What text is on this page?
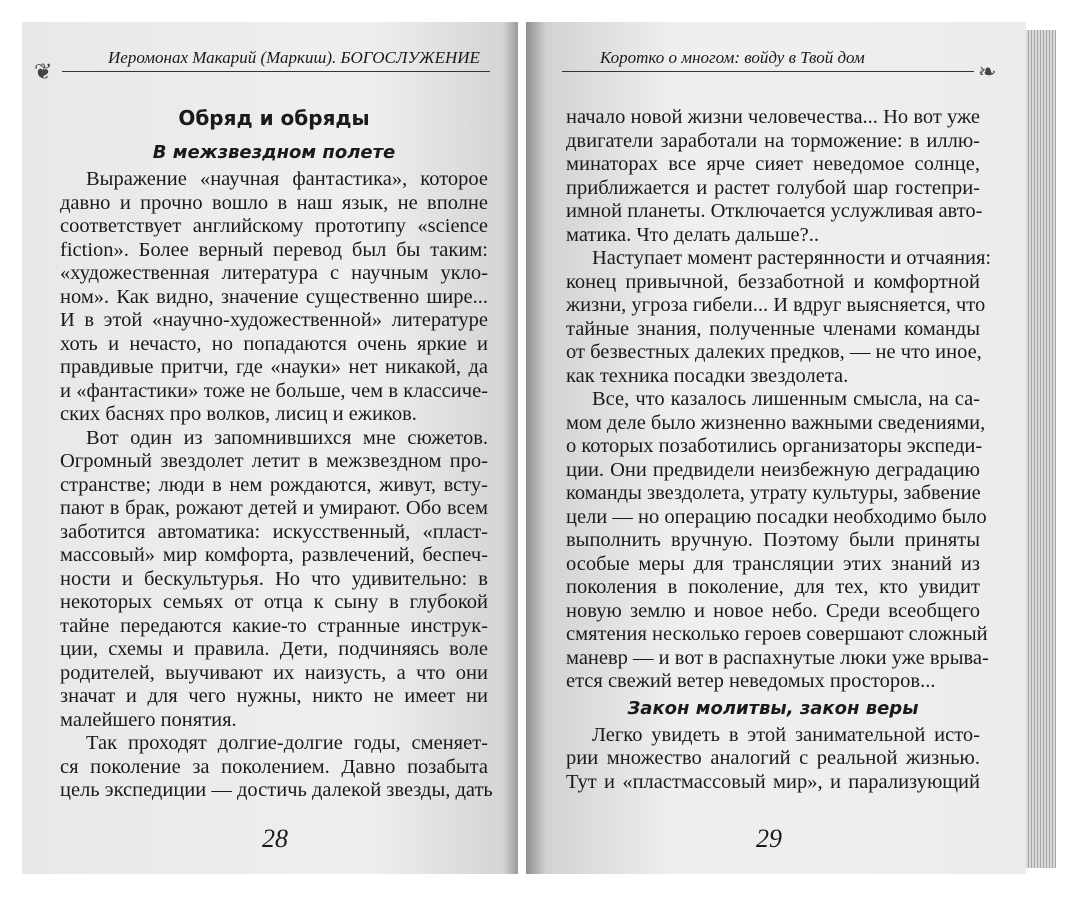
❦
Иеромонах Макарий (Маркиш). БОГОСЛУЖЕНИЕ	Коротко о многом: войду в Твой дом
❧
Обряд и обряды
В межзвездном полете
Выражение «научная фантастика», которое
давно и прочно вошло в наш язык, не вполне
соответствует английскому прототипу «science
fiction». Более верный перевод был бы таким:
«художественная литература с научным укло-
ном». Как видно, значение существенно шире...
И в этой «научно-художественной» литературе
хоть и нечасто, но попадаются очень яркие и
правдивые притчи, где «науки» нет никакой, да
и «фантастики» тоже не больше, чем в классиче-
ских баснях про волков, лисиц и ежиков.
Вот один из запомнившихся мне сюжетов.
Огромный звездолет летит в межзвездном про-
странстве; люди в нем рождаются, живут, всту-
пают в брак, рожают детей и умирают. Обо всем
заботится автоматика: искусственный, «пласт-
массовый» мир комфорта, развлечений, беспеч-
ности и бескультурья. Но что удивительно: в
некоторых семьях от отца к сыну в глубокой
тайне передаются какие-то странные инструк-
ции, схемы и правила. Дети, подчиняясь воле
родителей, выучивают их наизусть, а что они
значат и для чего нужны, никто не имеет ни
малейшего понятия.
Так проходят долгие-долгие годы, сменяет-
ся поколение за поколением. Давно позабыта
цель экспедиции — достичь далекой звезды, дать
28
начало новой жизни человечества... Но вот уже
двигатели заработали на торможение: в иллю-
минаторах все ярче сияет неведомое солнце,
приближается и растет голубой шар гостепри-
имной планеты. Отключается услужливая авто-
матика. Что делать дальше?..
Наступает момент растерянности и отчаяния:
конец привычной, беззаботной и комфортной
жизни, угроза гибели... И вдруг выясняется, что
тайные знания, полученные членами команды
от безвестных далеких предков, — не что иное,
как техника посадки звездолета.
Все, что казалось лишенным смысла, на са-
мом деле было жизненно важными сведениями,
о которых позаботились организаторы экспеди-
ции. Они предвидели неизбежную деградацию
команды звездолета, утрату культуры, забвение
цели — но операцию посадки необходимо было
выполнить вручную. Поэтому были приняты
особые меры для трансляции этих знаний из
поколения в поколение, для тех, кто увидит
новую землю и новое небо. Среди всеобщего
смятения несколько героев совершают сложный
маневр — и вот в распахнутые люки уже врыва-
ется свежий ветер неведомых просторов...
Закон молитвы, закон веры
Легко увидеть в этой занимательной исто-
рии множество аналогий с реальной жизнью.
Тут и «пластмассовый мир», и парализующий
29
